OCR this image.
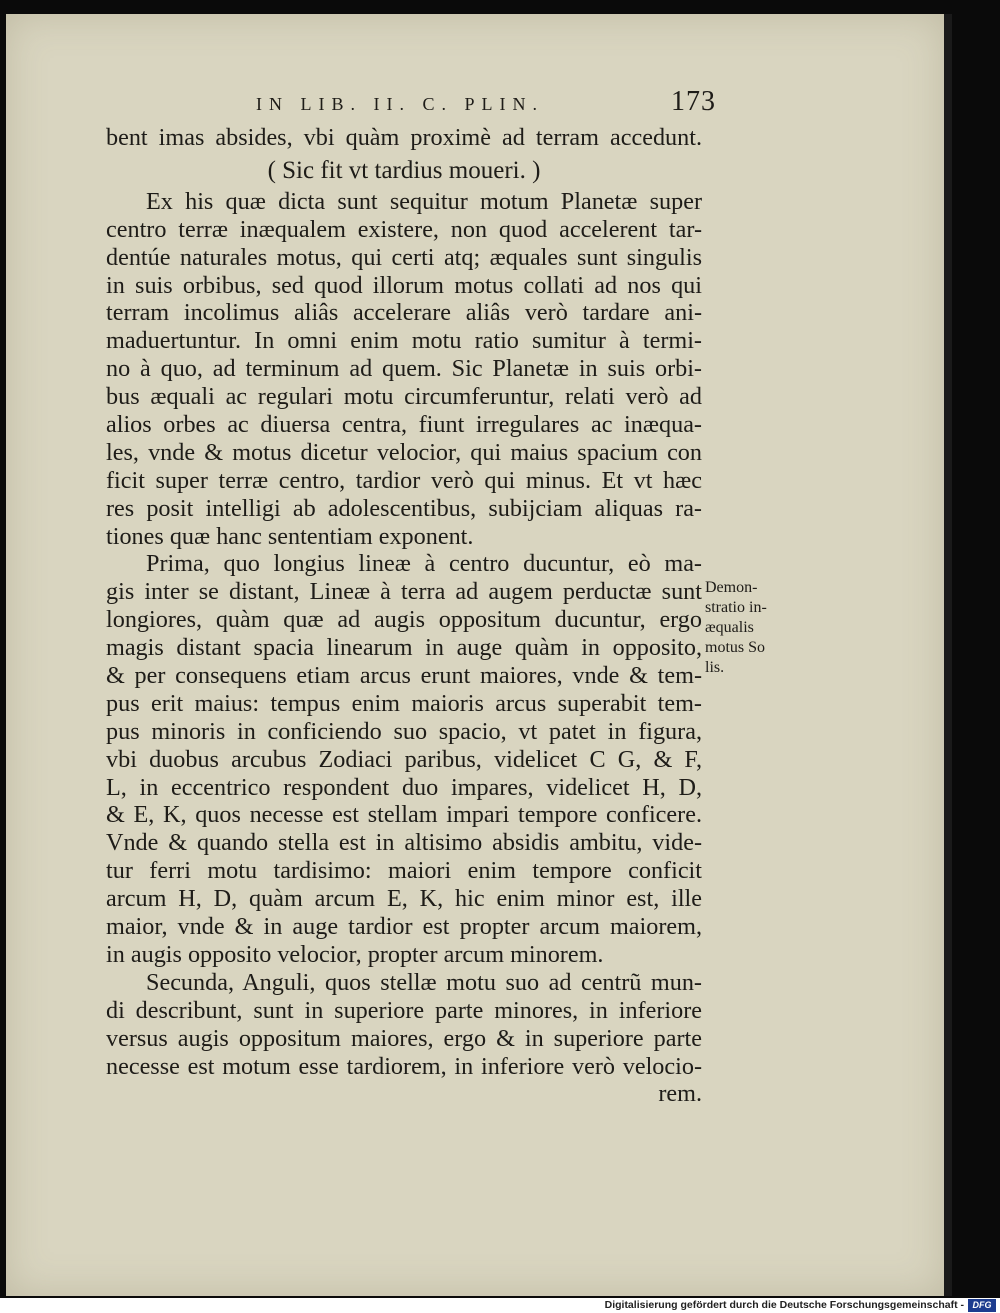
IN LIB. II. C. PLIN.	173
bent imas absides, vbi quàm proximè ad terram accedunt.
( Sic fit vt tardius moueri. )
Ex his quæ dicta sunt sequitur motum Planetæ super
centro terræ inæqualem existere, non quod accelerent tar-
dentúe naturales motus, qui certi atq; æquales sunt singulis
in suis orbibus, sed quod illorum motus collati ad nos qui
terram incolimus aliâs accelerare aliâs verò tardare ani-
maduertuntur. In omni enim motu ratio sumitur à termi-
no à quo, ad terminum ad quem. Sic Planetæ in suis orbi-
bus æquali ac regulari motu circumferuntur, relati verò ad
alios orbes ac diuersa centra, fiunt irregulares ac inæqua-
les, vnde & motus dicetur velocior, qui maius spacium con
ficit super terræ centro, tardior verò qui minus. Et vt hæc
res posit intelligi ab adolescentibus, subijciam aliquas ra-
tiones quæ hanc sententiam exponent.
Prima, quo longius lineæ à centro ducuntur, eò ma-
gis inter se distant, Lineæ à terra ad augem perductæ sunt
longiores, quàm quæ ad augis oppositum ducuntur, ergo
magis distant spacia linearum in auge quàm in opposito,
& per consequens etiam arcus erunt maiores, vnde & tem-
pus erit maius: tempus enim maioris arcus superabit tem-
pus minoris in conficiendo suo spacio, vt patet in figura,
vbi duobus arcubus Zodiaci paribus, videlicet C G, & F,
L, in eccentrico respondent duo impares, videlicet H, D,
& E, K, quos necesse est stellam impari tempore conficere.
Vnde & quando stella est in altisimo absidis ambitu, vide-
tur ferri motu tardisimo: maiori enim tempore conficit
arcum H, D, quàm arcum E, K, hic enim minor est, ille
maior, vnde & in auge tardior est propter arcum maiorem,
in augis opposito velocior, propter arcum minorem.
Secunda, Anguli, quos stellæ motu suo ad centrũ mun-
di describunt, sunt in superiore parte minores, in inferiore
versus augis oppositum maiores, ergo & in superiore parte
necesse est motum esse tardiorem, in inferiore verò velocio-
rem.
Demon-
stratio in-
æqualis
motus So
lis.
Digitalisierung gefördert durch die Deutsche Forschungsgemeinschaft - DFG
